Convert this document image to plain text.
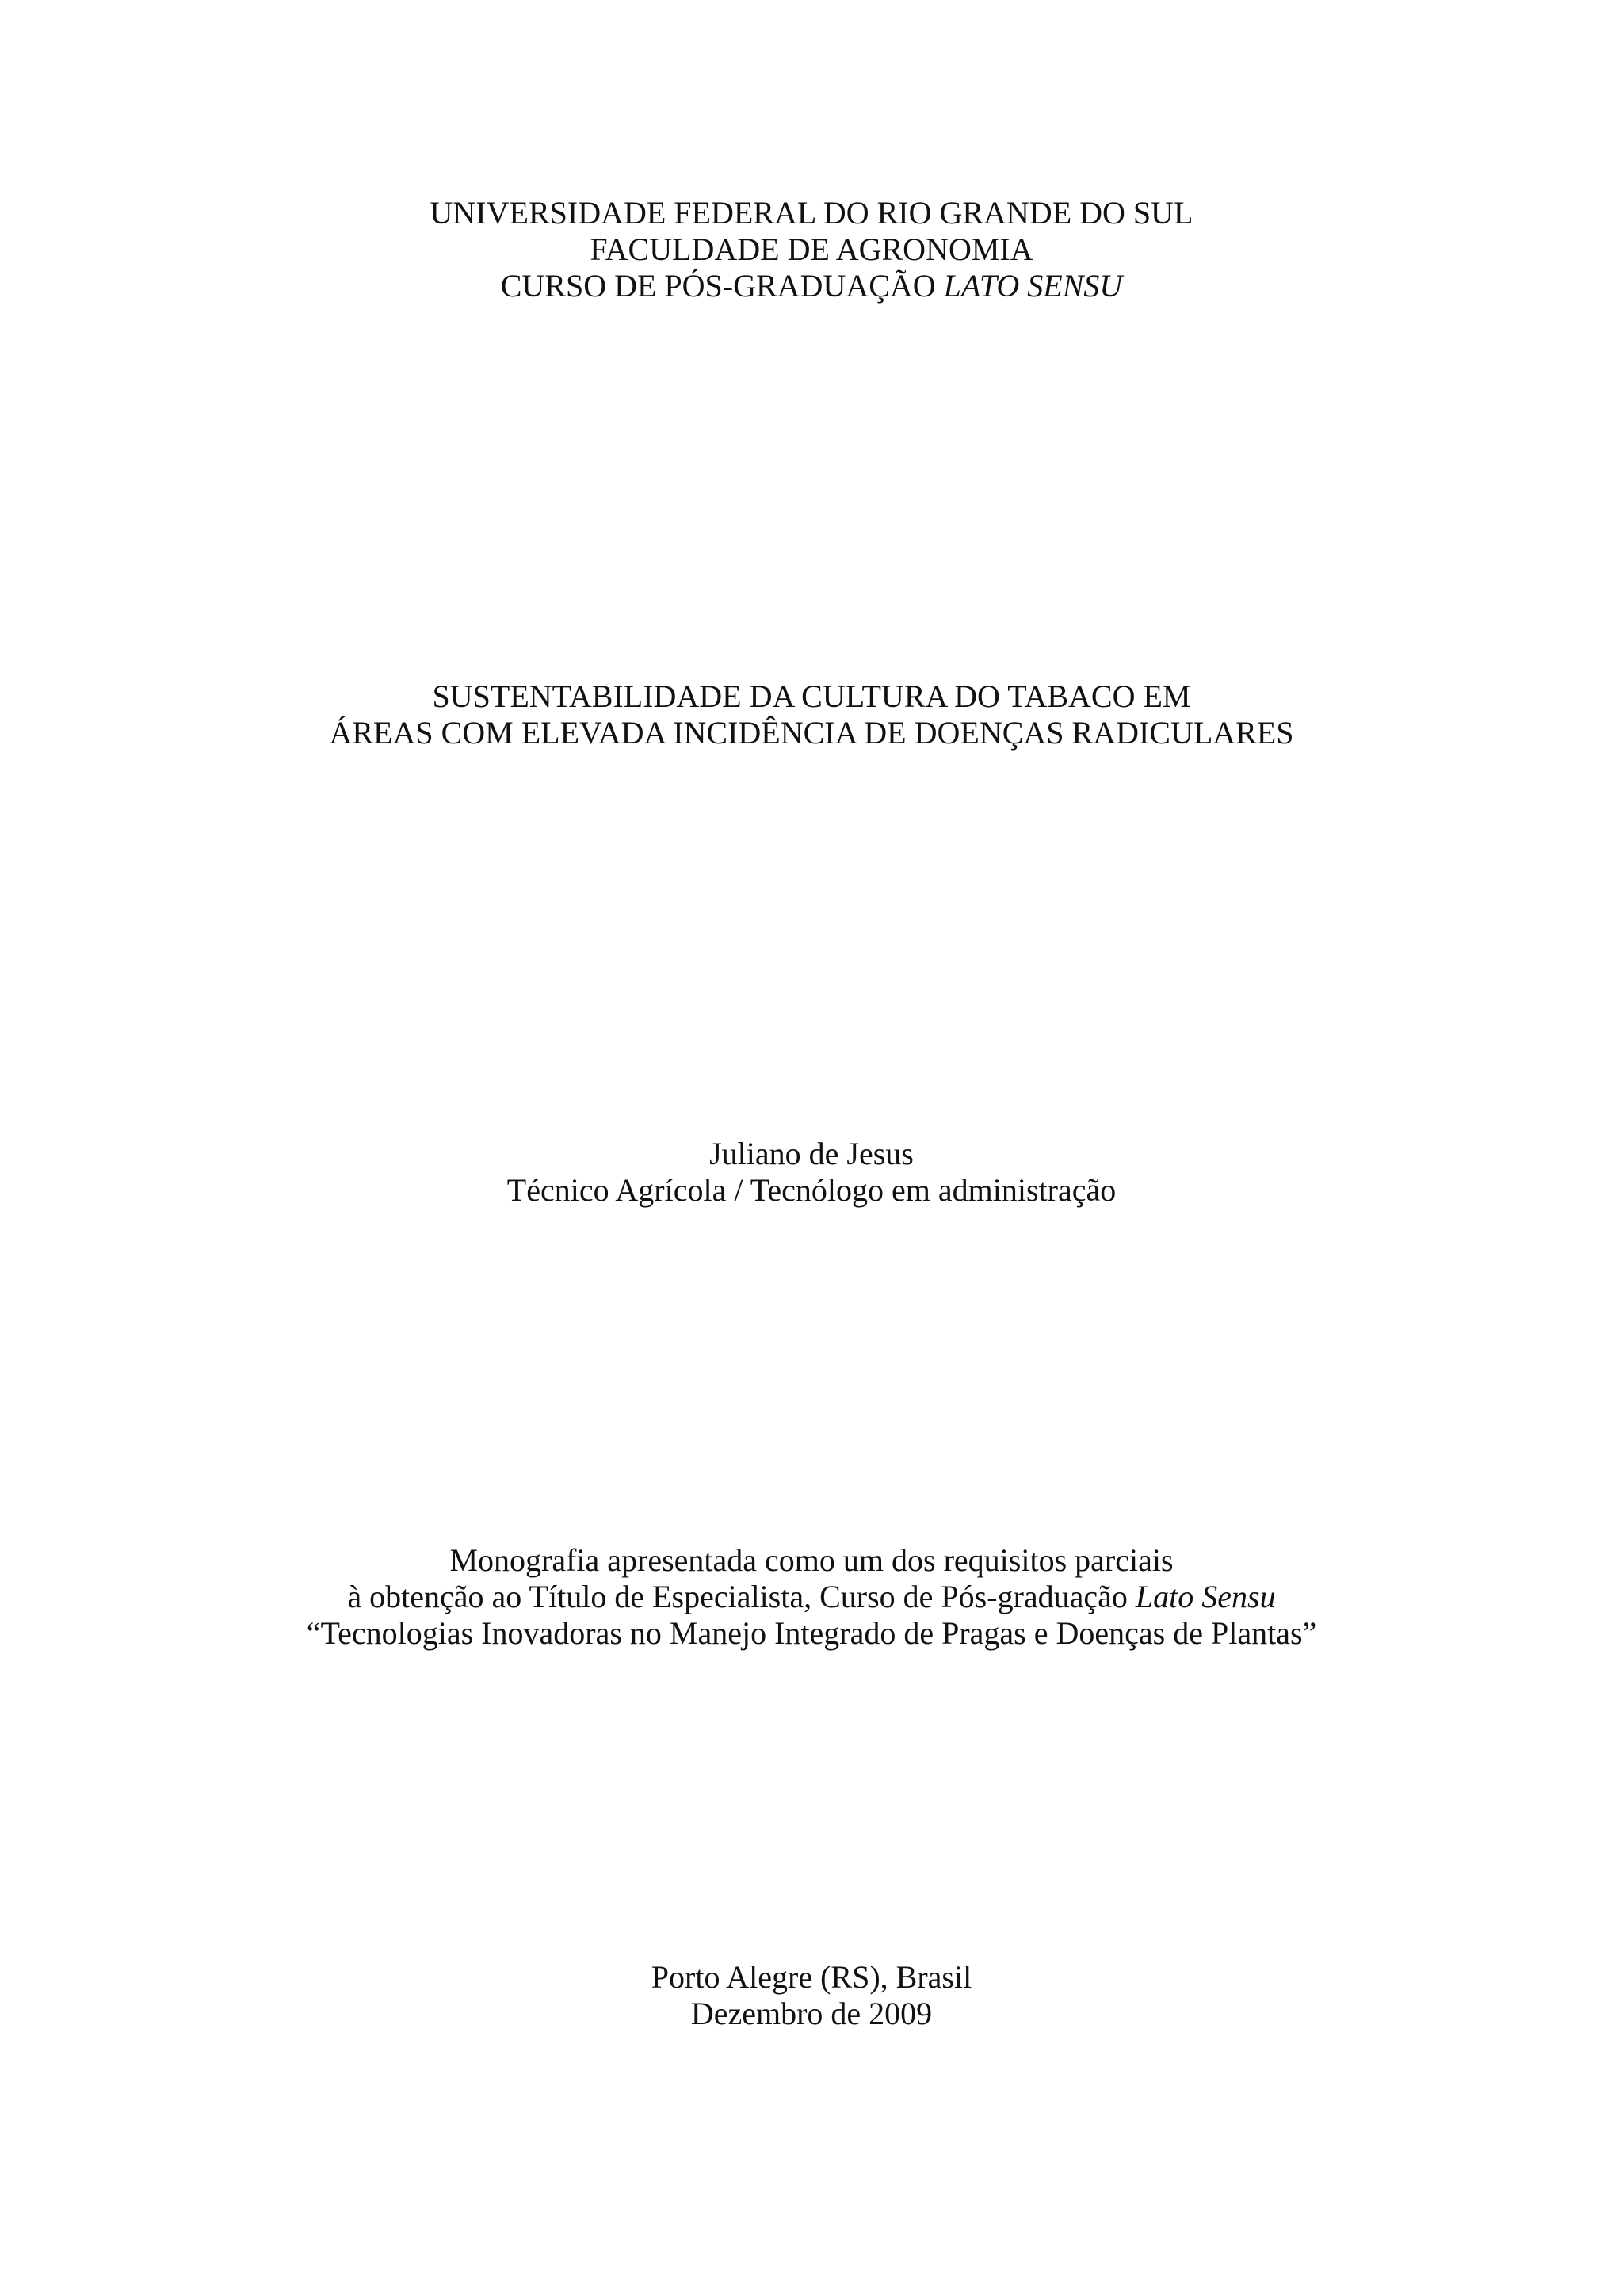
UNIVERSIDADE FEDERAL DO RIO GRANDE DO SUL
FACULDADE DE AGRONOMIA
CURSO DE PÓS-GRADUAÇÃO LATO SENSU
SUSTENTABILIDADE DA CULTURA DO TABACO EM
ÁREAS COM ELEVADA INCIDÊNCIA DE DOENÇAS RADICULARES
Juliano de Jesus
Técnico Agrícola / Tecnólogo em administração
Monografia apresentada como um dos requisitos parciais
à obtenção ao Título de Especialista, Curso de Pós-graduação Lato Sensu
“Tecnologias Inovadoras no Manejo Integrado de Pragas e Doenças de Plantas”
Porto Alegre (RS), Brasil
Dezembro de 2009
